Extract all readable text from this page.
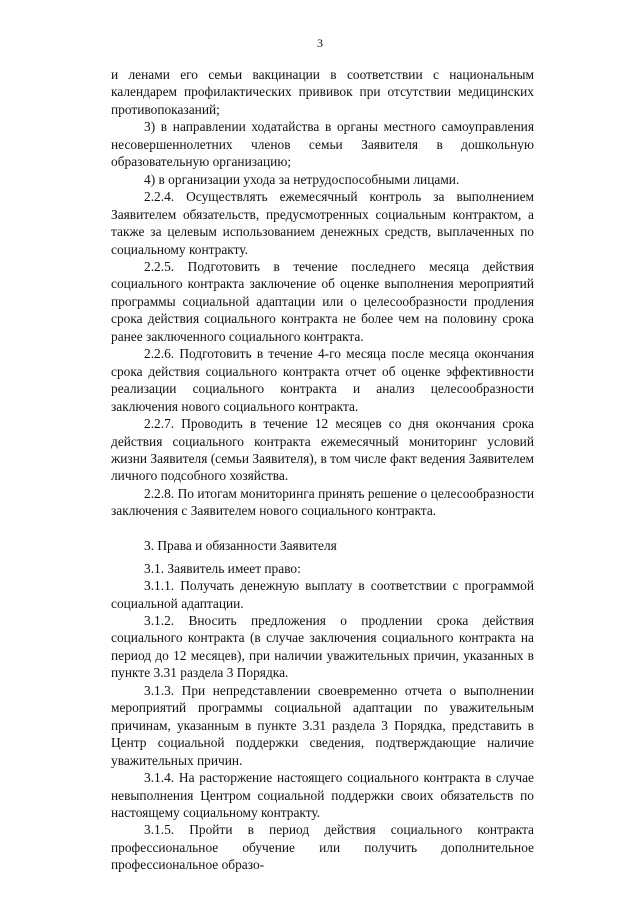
3

и ленами его семьи вакцинации в соответствии с национальным календарем профилактических прививок при отсутствии медицинских противопоказаний;

3) в направлении ходатайства в органы местного самоуправления несовершеннолетних членов семьи Заявителя в дошкольную образовательную организацию;

4) в организации ухода за нетрудоспособными лицами.

2.2.4. Осуществлять ежемесячный контроль за выполнением Заявителем обязательств, предусмотренных социальным контрактом, а также за целевым использованием денежных средств, выплаченных по социальному контракту.

2.2.5. Подготовить в течение последнего месяца действия социального контракта заключение об оценке выполнения мероприятий программы социальной адаптации или о целесообразности продления срока действия социального контракта не более чем на половину срока ранее заключенного социального контракта.

2.2.6. Подготовить в течение 4-го месяца после месяца окончания срока действия социального контракта отчет об оценке эффективности реализации социального контракта и анализ целесообразности заключения нового социального контракта.

2.2.7. Проводить в течение 12 месяцев со дня окончания срока действия социального контракта ежемесячный мониторинг условий жизни Заявителя (семьи Заявителя), в том числе факт ведения Заявителем личного подсобного хозяйства.

2.2.8. По итогам мониторинга принять решение о целесообразности заключения с Заявителем нового социального контракта.

3. Права и обязанности Заявителя

3.1. Заявитель имеет право:

3.1.1. Получать денежную выплату в соответствии с программой социальной адаптации.

3.1.2. Вносить предложения о продлении срока действия социального контракта (в случае заключения социального контракта на период до 12 месяцев), при наличии уважительных причин, указанных в пункте 3.31 раздела 3 Порядка.

3.1.3. При непредставлении своевременно отчета о выполнении мероприятий программы социальной адаптации по уважительным причинам, указанным в пункте 3.31 раздела 3 Порядка, представить в Центр социальной поддержки сведения, подтверждающие наличие уважительных причин.

3.1.4. На расторжение настоящего социального контракта в случае невыполнения Центром социальной поддержки своих обязательств по настоящему социальному контракту.

3.1.5. Пройти в период действия социального контракта профессиональное обучение или получить дополнительное профессиональное образо-
